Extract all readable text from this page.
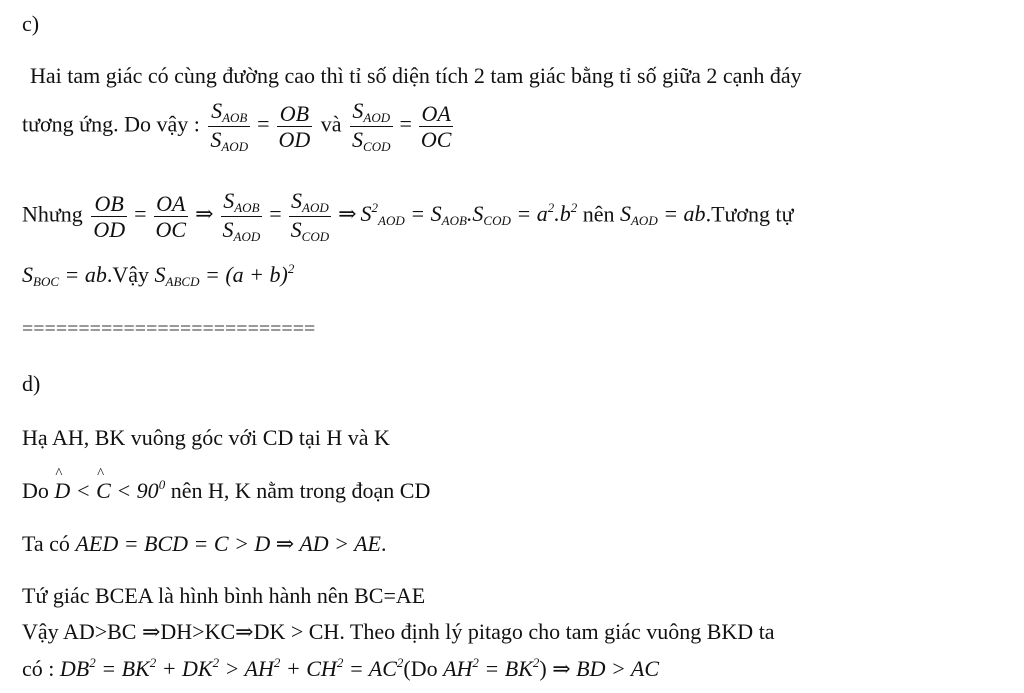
c)
Hai tam giác có cùng đường cao thì tỉ số diện tích 2 tam giác bằng tỉ số giữa 2 cạnh đáy
tương ứng. Do vậy : $\frac{S_{AOB}}{S_{AOD}} = \frac{OB}{OD}$ và $\frac{S_{AOD}}{S_{COD}} = \frac{OA}{OC}$
Nhưng $\frac{OB}{OD} = \frac{OA}{OC}$ ⇒ $\frac{S_{AOB}}{S_{AOD}} = \frac{S_{AOD}}{S_{COD}}$ ⇒ $S^2_{AOD} = S_{AOB}.S_{COD} = a^2.b^2$ nên $S_{AOD}$ = ab.Tương tự
$S_{BOC}$ = ab.Vậy $S_{ABCD} = (a + b)^2$
==========================
d)
Hạ AH, BK vuông góc với CD tại H và K
Do ^ D < ^ $C < 90^0$ nên H, K nằm trong đoạn CD
Ta có AED = BCD = C > D ⇒ AD > AE.
Tứ giác BCEA là hình bình hành nên BC=AE
Vậy AD>BC ⇒DH>KC⇒DK > CH. Theo định lý pitago cho tam giác vuông BKD ta
có : $DB^2 = BK^2 + DK^2 > AH^2 + CH^2 = AC^2(Do$ $AH^2 = BK^2$) ⇒ BD > AC
